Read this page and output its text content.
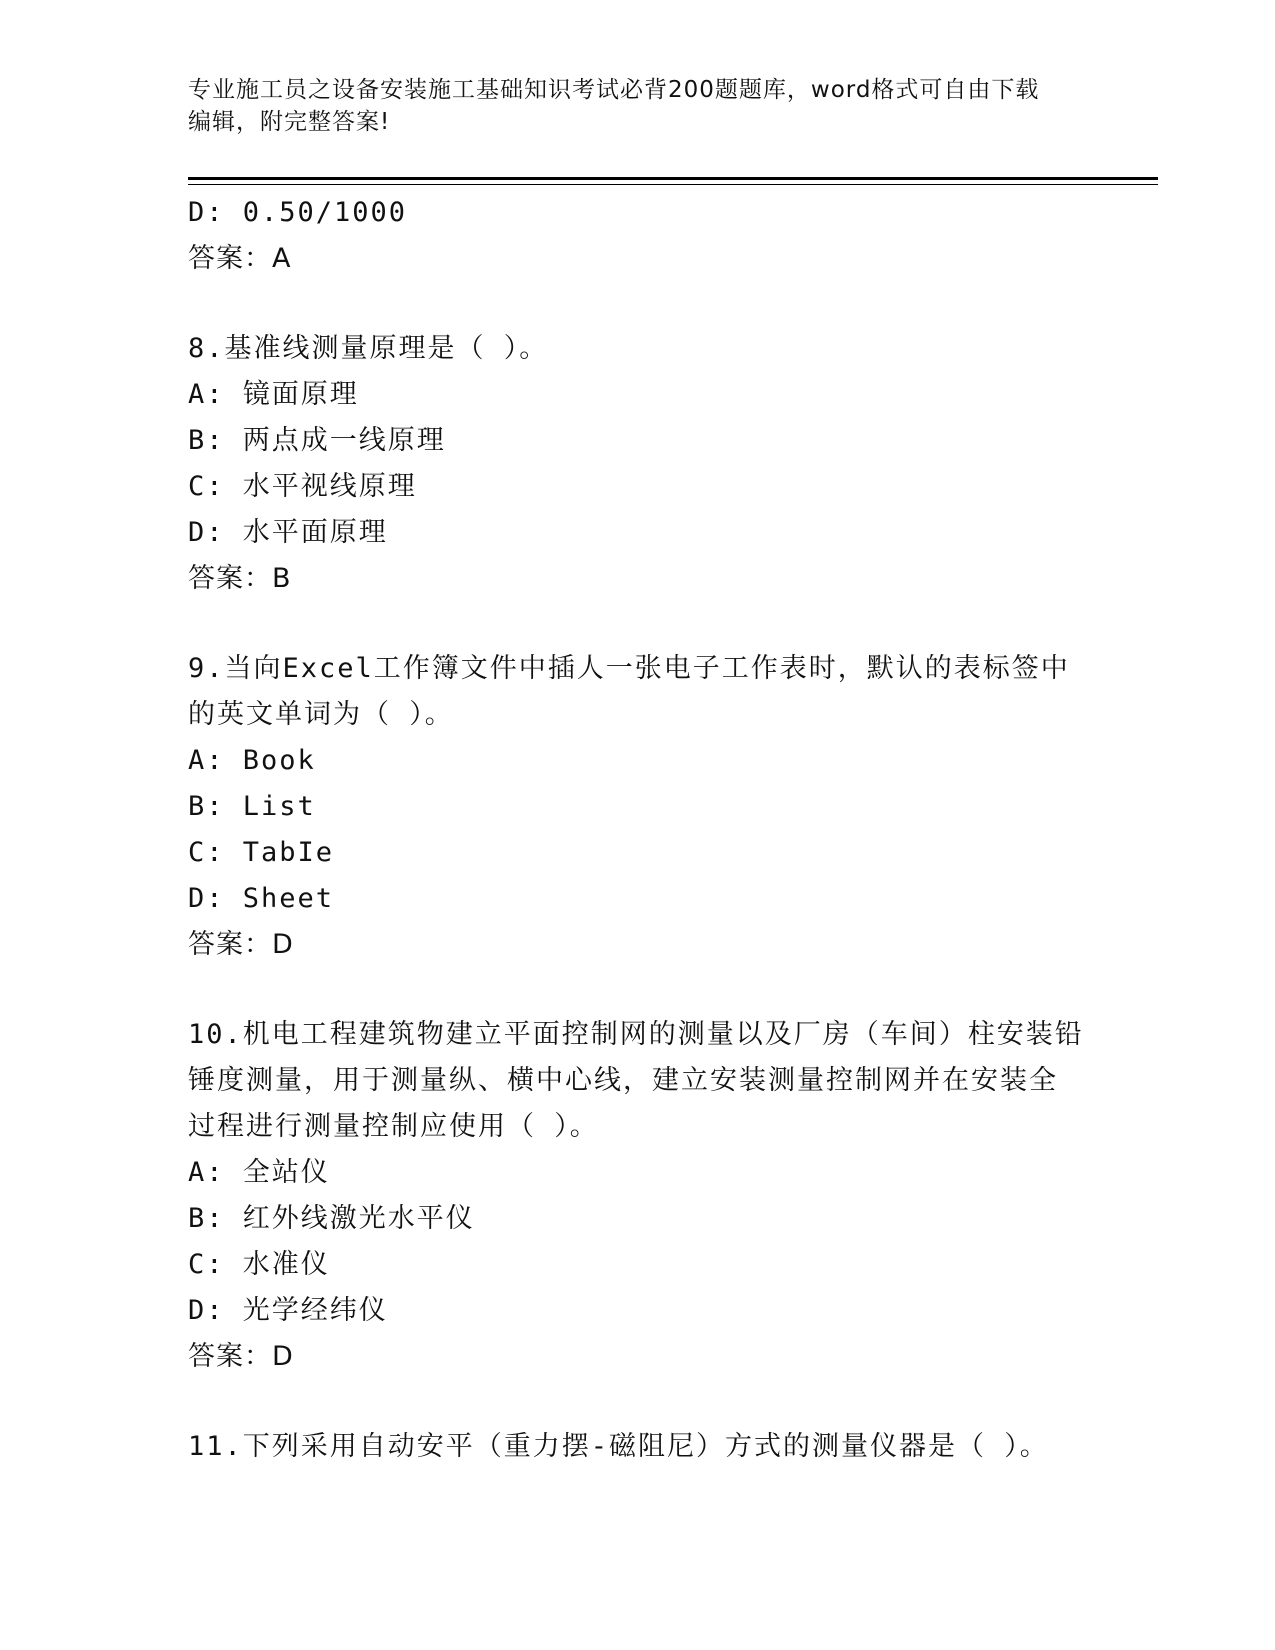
专业施工员之设备安装施工基础知识考试必背200题题库，word格式可自由下载
编辑，附完整答案!
D: 0.50/1000
答案：A
8.基准线测量原理是（ ）。
A: 镜面原理
B: 两点成一线原理
C: 水平视线原理
D: 水平面原理
答案：B
9.当向Excel工作簿文件中插人一张电子工作表时，默认的表标签中
的英文单词为（ ）。
A: Book
B: List
C: TabIe
D: Sheet
答案：D
10.机电工程建筑物建立平面控制网的测量以及厂房（车间）柱安装铅
锤度测量，用于测量纵、横中心线，建立安装测量控制网并在安装全
过程进行测量控制应使用（ ）。
A: 全站仪
B: 红外线激光水平仪
C: 水准仪
D: 光学经纬仪
答案：D
11.下列采用自动安平（重力摆-磁阻尼）方式的测量仪器是（ ）。
